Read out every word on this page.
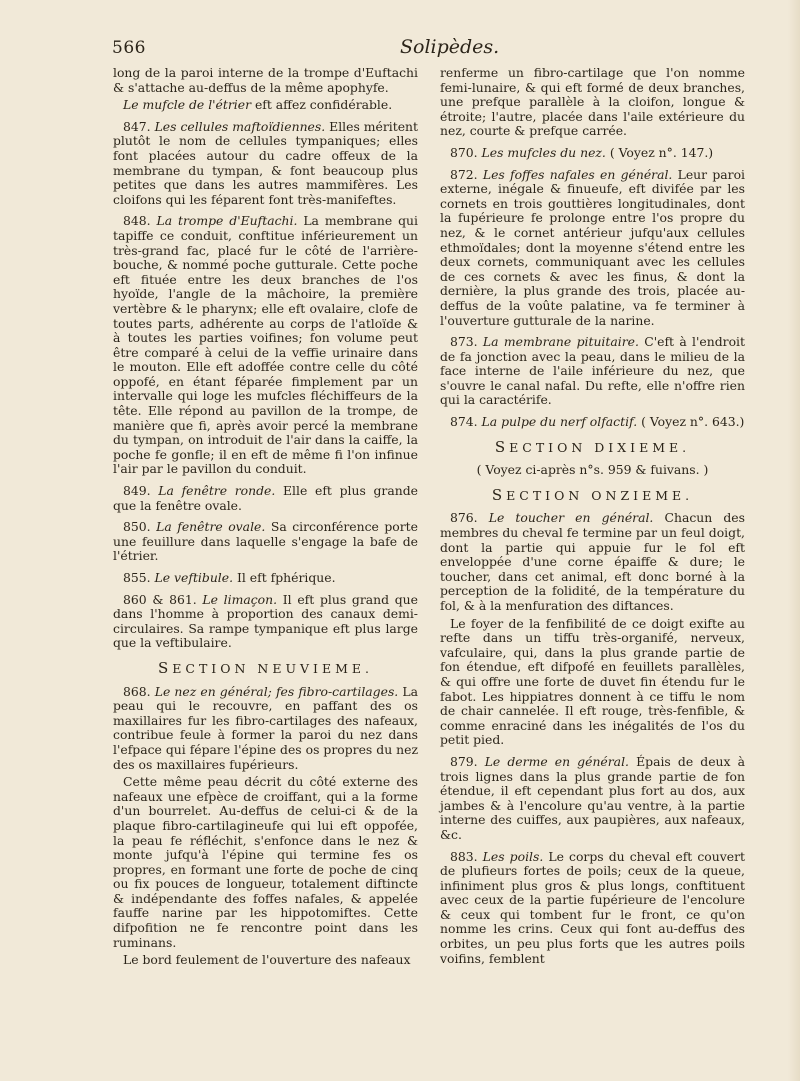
566	Solipèdes.

long de la paroi interne de la trompe d'Euftachi & s'attache au-deffus de la même apophyfe.

Le mufcle de l'étrier eft affez confidérable.

847. Les cellules maftoïdiennes. Elles méritent plutôt le nom de cellules tympaniques; elles font placées autour du cadre offeux de la membrane du tympan, & font beaucoup plus petites que dans les autres mammifères. Les cloifons qui les féparent font très-manifeftes.

848. La trompe d'Euftachi. La membrane qui tapiffe ce conduit, conftitue inférieurement un très-grand fac, placé fur le côté de l'arrière-bouche, & nommé poche gutturale. Cette poche eft fituée entre les deux branches de l'os hyoïde, l'angle de la mâchoire, la première vertèbre & le pharynx; elle eft ovalaire, clofe de toutes parts, adhérente au corps de l'atloïde & à toutes les parties voifines; fon volume peut être comparé à celui de la veffie urinaire dans le mouton. Elle eft adoffée contre celle du côté oppofé, en étant féparée fimplement par un intervalle qui loge les mufcles fléchiffeurs de la tête. Elle répond au pavillon de la trompe, de manière que fi, après avoir percé la membrane du tympan, on introduit de l'air dans la caiffe, la poche fe gonfle; il en eft de même fi l'on infinue l'air par le pavillon du conduit.

849. La fenêtre ronde. Elle eft plus grande que la fenêtre ovale.

850. La fenêtre ovale. Sa circonférence porte une feuillure dans laquelle s'engage la bafe de l'étrier.

855. Le veftibule. Il eft fphérique.

860 & 861. Le limaçon. Il eft plus grand que dans l'homme à proportion des canaux demi-circulaires. Sa rampe tympanique eft plus large que la veftibulaire.

SECTION NEUVIEME.

868. Le nez en général; fes fibro-cartilages. La peau qui le recouvre, en paffant des os maxillaires fur les fibro-cartilages des nafeaux, contribue feule à former la paroi du nez dans l'efpace qui fépare l'épine des os propres du nez des os maxillaires fupérieurs.

Cette même peau décrit du côté externe des nafeaux une efpèce de croiffant, qui a la forme d'un bourrelet. Au-deffus de celui-ci & de la plaque fibro-cartilagineufe qui lui eft oppofée, la peau fe réfléchit, s'enfonce dans le nez & monte jufqu'à l'épine qui termine fes os propres, en formant une forte de poche de cinq ou fix pouces de longueur, totalement diftincte & indépendante des foffes nafales, & appelée fauffe narine par les hippotomiftes. Cette difpofition ne fe rencontre point dans les ruminans.

Le bord feulement de l'ouverture des nafeaux

renferme un fibro-cartilage que l'on nomme femi-lunaire, & qui eft formé de deux branches, une prefque parallèle à la cloifon, longue & étroite; l'autre, placée dans l'aile extérieure du nez, courte & prefque carrée.

870. Les mufcles du nez. ( Voyez n°. 147.)

872. Les foffes nafales en général. Leur paroi externe, inégale & finueufe, eft divifée par les cornets en trois gouttières longitudinales, dont la fupérieure fe prolonge entre l'os propre du nez, & le cornet antérieur jufqu'aux cellules ethmoïdales; dont la moyenne s'étend entre les deux cornets, communiquant avec les cellules de ces cornets & avec les finus, & dont la dernière, la plus grande des trois, placée au-deffus de la voûte palatine, va fe terminer à l'ouverture gutturale de la narine.

873. La membrane pituitaire. C'eft à l'endroit de fa jonction avec la peau, dans le milieu de la face interne de l'aile inférieure du nez, que s'ouvre le canal nafal. Du refte, elle n'offre rien qui la caractérife.

874. La pulpe du nerf olfactif. ( Voyez n°. 643.)

SECTION DIXIEME.
( Voyez ci-après n°s. 959 & fuivans. )
SECTION ONZIEME.

876. Le toucher en général. Chacun des membres du cheval fe termine par un feul doigt, dont la partie qui appuie fur le fol eft enveloppée d'une corne épaiffe & dure; le toucher, dans cet animal, eft donc borné à la perception de la folidité, de la température du fol, & à la menfuration des diftances.

Le foyer de la fenfibilité de ce doigt exifte au refte dans un tiffu très-organifé, nerveux, vafculaire, qui, dans la plus grande partie de fon étendue, eft difpofé en feuillets parallèles, & qui offre une forte de duvet fin étendu fur le fabot. Les hippiatres donnent à ce tiffu le nom de chair cannelée. Il eft rouge, très-fenfible, & comme enraciné dans les inégalités de l'os du petit pied.

879. Le derme en général. Épais de deux à trois lignes dans la plus grande partie de fon étendue, il eft cependant plus fort au dos, aux jambes & à l'encolure qu'au ventre, à la partie interne des cuiffes, aux paupières, aux nafeaux, &c.

883. Les poils. Le corps du cheval eft couvert de plufieurs fortes de poils; ceux de la queue, infiniment plus gros & plus longs, conftituent avec ceux de la partie fupérieure de l'encolure & ceux qui tombent fur le front, ce qu'on nomme les crins. Ceux qui font au-deffus des orbites, un peu plus forts que les autres poils voifins, femblent
